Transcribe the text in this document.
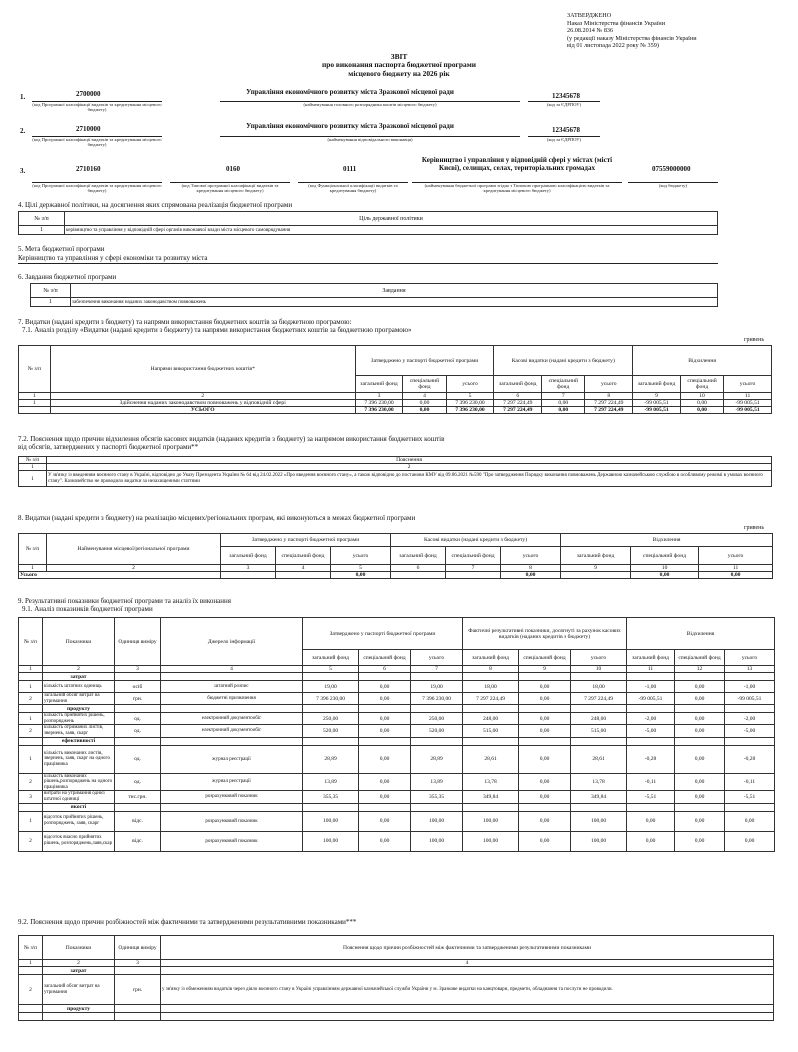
ЗАТВЕРДЖЕНО
Наказ Міністерства фінансів України
26.08.2014 № 836
(у редакції наказу Міністерства фінансів України
від 01 листопада 2022 року № 359)
ЗВІТ
про виконання паспорта бюджетної програми
місцевого бюджету на 2026 рік
1.	2700000	Управління економічного розвитку міста Зразкової місцевої ради	12345678
(код Програмної класифікації видатків та кредитування місцевого бюджету)
(найменування головного розпорядника коштів місцевого бюджету)	(код за ЄДРПОУ)
2.	2710000	Управління економічного розвитку міста Зразкової місцевої ради	12345678
(код Програмної класифікації видатків та кредитування місцевого бюджету)
(найменування відповідального виконавця)	(код за ЄДРПОУ)
3.	2710160	0160	0111
Керівництво і управління у відповідній сфері у містах (місті Києві), селищах, селах, територіальних громадах	07559000000
(код Програмної класифікації видатків та кредитування місцевого бюджету)
(код Типової програмної класифікації видатків та кредитування місцевого бюджету)
(код Функціональної класифікації видатків та кредитування бюджету)
(найменування бюджетної програми згідно з Типовою програмною класифікацією видатків та кредитування місцевого бюджету)
(код бюджету)
4. Цілі державної політики, на досягнення яких спрямована реалізація бюджетної програми
№ з/п	Ціль державної політики
1	керівництво та управління у відповідній сфері органів виконавчої влади міста місцевого самоврядування
5. Мета бюджетної програми
Керівництво та управління у сфері економіки та розвитку міста
6. Завдання бюджетної програми
№ з/п	Завдання
1	забезпечення виконання наданих законодавством повноважень
7. Видатки (надані кредити з бюджету) та напрями використання бюджетних коштів за бюджетною програмою:
7.1. Аналіз розділу «Видатки (надані кредити з бюджету) та напрями використання бюджетних коштів за бюджетною програмою»
гривень
№ з/п	Напрями використання бюджетних коштів*	Затверджено у паспорті бюджетної програми			Касові видатки (надані кредити з бюджету)			Відхилення		
		загальний фонд	спеціальний фонд	усього	загальний фонд	спеціальний фонд	усього	загальний фонд	спеціальний фонд	усього
1	2	3	4	5	6	7	8	9	10	11
1	Здійснення наданих законодавством повноважень у відповідній сфері	7 396 230,00	0,00	7 396 230,00	7 297 224,49	0,00	7 297 224,49	-99 005,51	0,00	-99 005,51
	УСЬОГО	7 396 230,00	0,00	7 396 230,00	7 297 224,49	0,00	7 297 224,49	-99 005,51	0,00	-99 005,51
7.2. Пояснення щодо причин відхилення обсягів касових видатків (наданих кредитів з бюджету) за напрямом використання бюджетних коштів
від обсягів, затверджених у паспорті бюджетної програми**
№ з/п	Пояснення
1	2
1	У зв'язку із введенням воєнного стану в Україні, відповідно до Указу Президента України № 64 від 24.02.2022 «Про введення воєнного стану», а також відповідно до постанови КМУ від 09.06.2021 №590 "Про затвердження Порядку виконання повноважень Державною казначейською службою в особливому режимі в умовах воєнного стану". Казначейство не проводило видатки за незахищеними статтями
8. Видатки (надані кредити з бюджету) на реалізацію місцевих/регіональних програм, які виконуються в межах бюджетної програми
гривень
№ з/п	Найменування місцевої/регіональної програми	Затверджено у паспорті бюджетної програми			Касові видатки (надані кредити з бюджету)			Відхилення		
		загальний фонд	спеціальний фонд	усього	загальний фонд	спеціальний фонд	усього	загальний фонд	спеціальний фонд	усього
1	2	3	4	5	6	7	8	9	10	11
Усього				0,00			0,00		0,00	0,00
9. Результативні показники бюджетної програми та аналіз їх виконання
9.1. Аналіз показників бюджетної програми
№ з/п	Показники	Одиниця виміру	Джерело інформації	Затверджено у паспорті бюджетної програми			Фактичні результативні показники, досягнуті за рахунок касових видатків (наданих кредитів з бюджету)			Відхилення		
				загальний фонд	спеціальний фонд	усього	загальний фонд	спеціальний фонд	усього	загальний фонд	спеціальний фонд	усього
1	2	3	4	5	6	7	8	9	10	11	12	13
	затрат											
1	кількість штатних одиниць	осіб	штатний розпис	19,00	0,00	19,00	18,00	0,00	18,00	-1,00	0,00	-1,00
2	загальний обсяг витрат на утримання	грн.	бюджетні призначення	7 396 230,00	0,00	7 396 230,00	7 297 224,49	0,00	7 297 224,49	-99 005,51	0,00	-99 005,51
	продукту											
1	кількість прийнятих рішень, розпоряджень	од.	електронний документообіг	250,00	0,00	250,00	248,00	0,00	248,00	-2,00	0,00	-2,00
2	кількість отриманих листів, звернень, заяв, скарг	од.	електронний документообіг	520,00	0,00	520,00	515,00	0,00	515,00	-5,00	0,00	-5,00
	ефективності											
1	кількість виконаних листів, звернень, заяв, скарг на одного працівника	од.	журнал реєстрації	28,89	0,00	28,89	28,61	0,00	28,61	-0,28	0,00	-0,28
2	кількість виконаних рішень,розпоряджень на одного працівника	од.	журнал реєстрації	13,89	0,00	13,89	13,78	0,00	13,78	-0,11	0,00	-0,11
3	витрати на утримання однієї штатної одиниці	тис.грн.	розрахунковий показник	355,35	0,00	355,35	349,84	0,00	349,84	-5,51	0,00	-5,51
	якості											
1	відсоток прийнятих рішень, розпоряджень, заяв, скарг	відс.	розрахунковий показник	100,00	0,00	100,00	100,00	0,00	100,00	0,00	0,00	0,00
2	відсоток вчасно прийнятих рішень, розпоряджень,заяв,скар	відс.	розрахунковий показник	100,00	0,00	100,00	100,00	0,00	100,00	0,00	0,00	0,00
9.2. Пояснення щодо причин розбіжностей між фактичними та затвердженими результативними показниками***
№ з/п	Показники	Одиниця виміру	Пояснення щодо причин розбіжностей між фактичними та затвердженими результативними показниками
1	2	3	4
	затрат		
2	загальний обсяг витрат на утримання	грн.	у зв'язку із обмеженням видатків через діяло воєнного стану в Україні управлінням державної казначейської служби України у м. Зразкове видатки на канцтовари, предмети, обладнання та послуги не проводили.
	продукту		
